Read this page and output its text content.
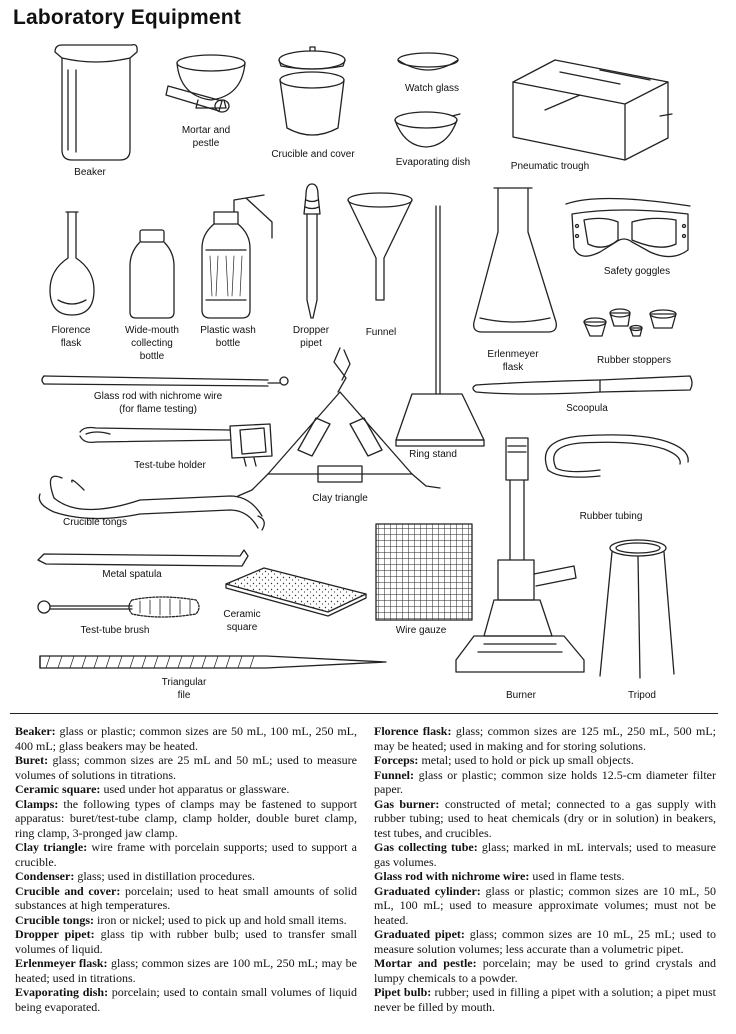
Laboratory Equipment
Beaker
Mortar and
pestle
Crucible and cover
Watch glass
Evaporating dish	Pneumatic trough
Florence
flask
Wide-mouth
collecting
bottle
Plastic wash
bottle
Dropper
pipet
Funnel
Erlenmeyer
flask
Safety goggles
Rubber stoppers
Glass rod with nichrome wire
(for flame testing)
Ring stand
Scoopula
Test-tube holder
Clay triangle
Crucible tongs
Rubber tubing
Metal spatula
Test-tube brush
Ceramic
square	Wire gauze
Triangular
file	Burner	Tripod

Beaker: glass or plastic; common sizes are 50 mL, 100 mL, 250 mL, 400 mL; glass beakers may be heated.

Buret: glass; common sizes are 25 mL and 50 mL; used to measure volumes of solutions in titrations.

Ceramic square: used under hot apparatus or glassware.

Clamps: the following types of clamps may be fastened to support apparatus: buret/test-tube clamp, clamp holder, double buret clamp, ring clamp, 3-pronged jaw clamp.

Clay triangle: wire frame with porcelain supports; used to support a crucible.

Condenser: glass; used in distillation procedures.

Crucible and cover: porcelain; used to heat small amounts of solid substances at high temperatures.

Crucible tongs: iron or nickel; used to pick up and hold small items.

Dropper pipet: glass tip with rubber bulb; used to transfer small volumes of liquid.

Erlenmeyer flask: glass; common sizes are 100 mL, 250 mL; may be heated; used in titrations.

Evaporating dish: porcelain; used to contain small volumes of liquid being evaporated.

Florence flask: glass; common sizes are 125 mL, 250 mL, 500 mL; may be heated; used in making and for storing solutions.

Forceps: metal; used to hold or pick up small objects.

Funnel: glass or plastic; common size holds 12.5-cm diameter filter paper.

Gas burner: constructed of metal; connected to a gas supply with rubber tubing; used to heat chemicals (dry or in solution) in beakers, test tubes, and crucibles.

Gas collecting tube: glass; marked in mL intervals; used to measure gas volumes.

Glass rod with nichrome wire: used in flame tests.

Graduated cylinder: glass or plastic; common sizes are 10 mL, 50 mL, 100 mL; used to measure approximate volumes; must not be heated.

Graduated pipet: glass; common sizes are 10 mL, 25 mL; used to measure solution volumes; less accurate than a volumetric pipet.

Mortar and pestle: porcelain; may be used to grind crystals and lumpy chemicals to a powder.

Pipet bulb: rubber; used in filling a pipet with a solution; a pipet must never be filled by mouth.
